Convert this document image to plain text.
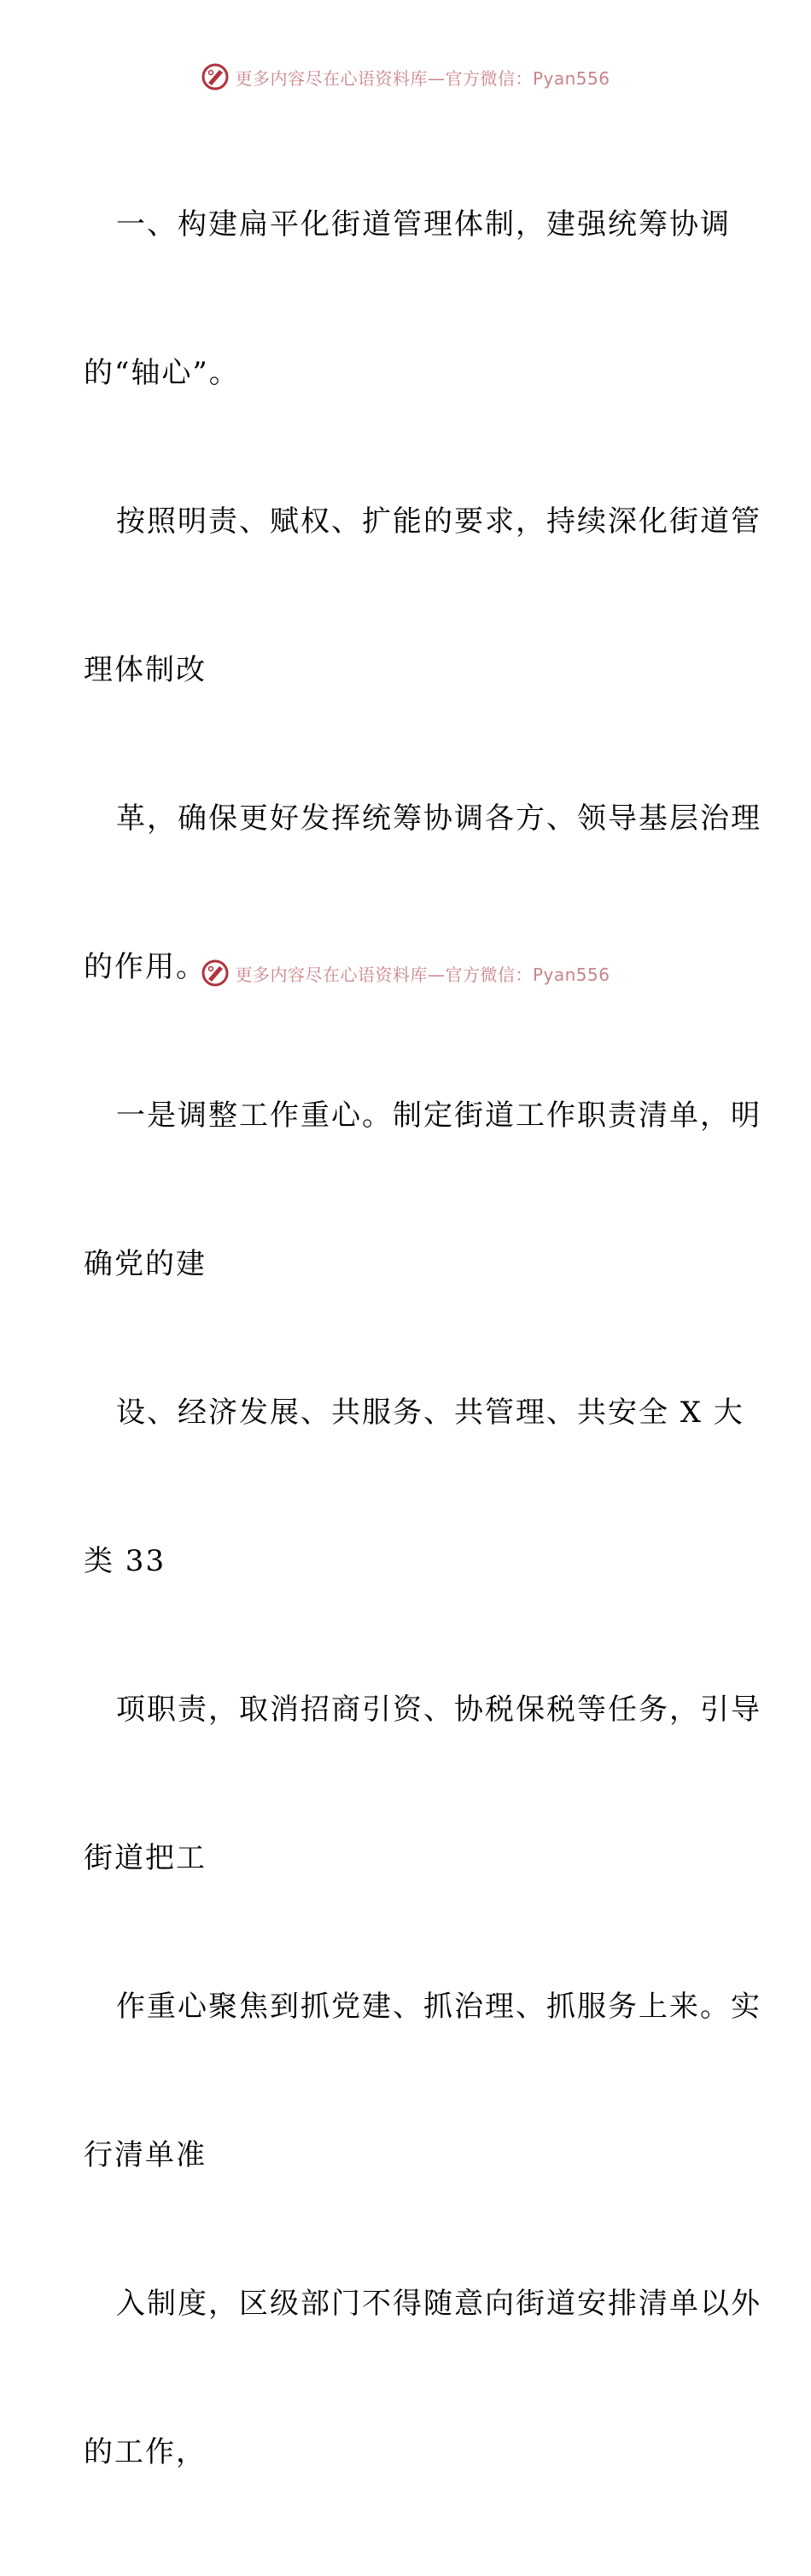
更多内容尽在心语资料库—官方微信：Pyan556

一、构建扁平化街道管理体制，建强统筹协调

的“轴心”。

按照明责、赋权、扩能的要求，持续深化街道管

理体制改

革，确保更好发挥统筹协调各方、领导基层治理

的作用。

一是调整工作重心。制定街道工作职责清单，明

确党的建

设、经济发展、共服务、共管理、共安全 X 大

类 33

项职责，取消招商引资、协税保税等任务，引导

街道把工

作重心聚焦到抓党建、抓治理、抓服务上来。实

行清单准

入制度，区级部门不得随意向街道安排清单以外

的工作，

更多内容尽在心语资料库—官方微信：Pyan556
